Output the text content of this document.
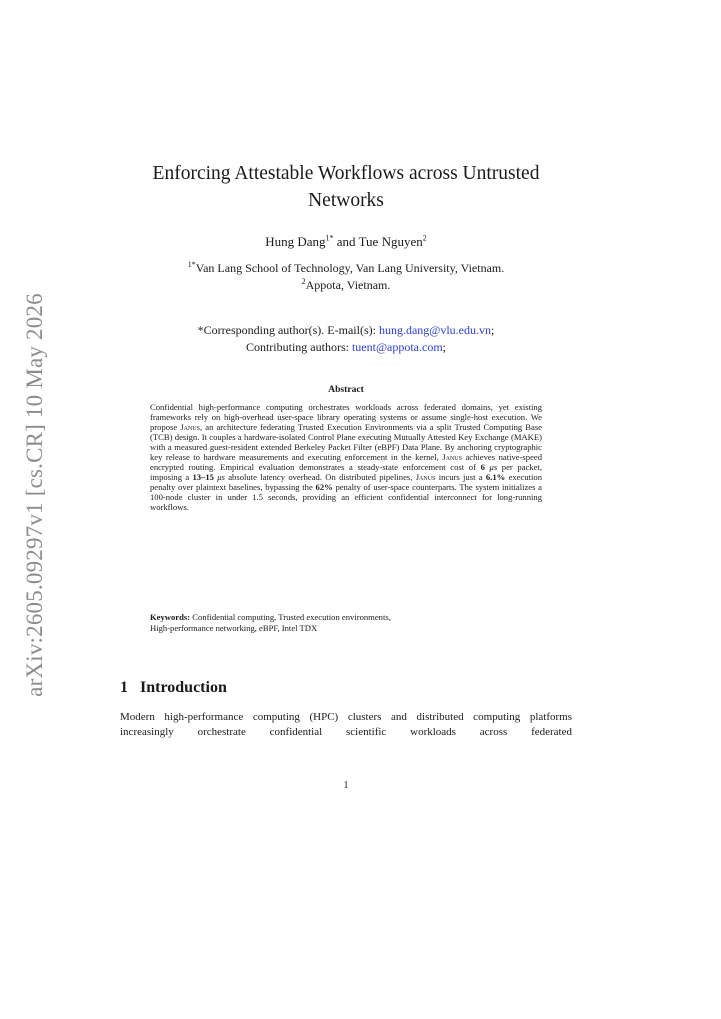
arXiv:2605.09297v1 [cs.CR] 10 May 2026
Enforcing Attestable Workflows across Untrusted Networks
Hung Dang$^{1*}$ and Tue Nguyen$^2$
$^{1*}$Van Lang School of Technology, Van Lang University, Vietnam.
$^2$Appota, Vietnam.
*Corresponding author(s). E-mail(s): hung.dang@vlu.edu.vn;
Contributing authors: tuent@appota.com;
Abstract
Confidential high-performance computing orchestrates workloads across federated domains, yet existing frameworks rely on high-overhead user-space library operating systems or assume single-host execution. We propose Janus, an architecture federating Trusted Execution Environments via a split Trusted Computing Base (TCB) design. It couples a hardware-isolated Control Plane executing Mutually Attested Key Exchange (MAKE) with a measured guest-resident extended Berkeley Packet Filter (eBPF) Data Plane. By anchoring cryptographic key release to hardware measurements and executing enforcement in the kernel, Janus achieves native-speed encrypted routing. Empirical evaluation demonstrates a steady-state enforcement cost of 6 μs per packet, imposing a 13–15 μs absolute latency overhead. On distributed pipelines, Janus incurs just a 6.1% execution penalty over plaintext baselines, bypassing the 62% penalty of user-space counterparts. The system initializes a 100-node cluster in under 1.5 seconds, providing an efficient confidential interconnect for long-running workflows.
Keywords: Confidential computing, Trusted execution environments,
High-performance networking, eBPF, Intel TDX
1 Introduction
Modern high-performance computing (HPC) clusters and distributed computing platforms increasingly orchestrate confidential scientific workloads across federated
1
